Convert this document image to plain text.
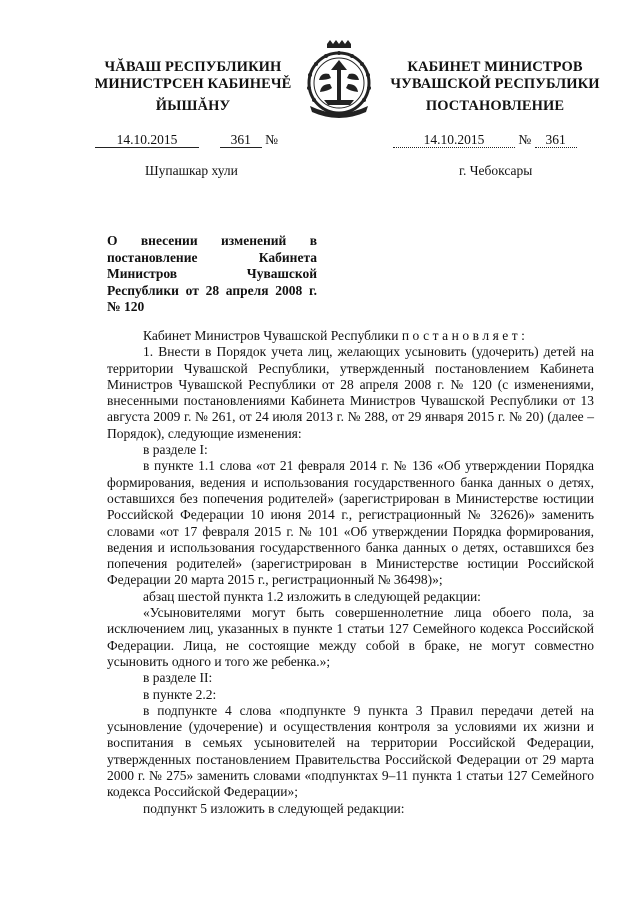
ЧĂВАШ РЕСПУБЛИКИН
МИНИСТРСЕН КАБИНЕЧĚ
ЙЫШĂНУ
КАБИНЕТ МИНИСТРОВ
ЧУВАШСКОЙ РЕСПУБЛИКИ
ПОСТАНОВЛЕНИЕ
14.10.2015	361 №	14.10.2015	№ 361
Шупашкар хули	г. Чебоксары
О внесении изменений в постановление Кабинета Министров Чувашской Республики от 28 апреля 2008 г. № 120

Кабинет Министров Чувашской Республики постановляет:

1. Внести в Порядок учета лиц, желающих усыновить (удочерить) детей на территории Чувашской Республики, утвержденный постановлением Кабинета Министров Чувашской Республики от 28 апреля 2008 г. № 120 (с изменениями, внесенными постановлениями Кабинета Министров Чувашской Республики от 13 августа 2009 г. № 261, от 24 июля 2013 г. № 288, от 29 января 2015 г. № 20) (далее – Порядок), следующие изменения:

в разделе I:

в пункте 1.1 слова «от 21 февраля 2014 г. № 136 «Об утверждении Порядка формирования, ведения и использования государственного банка данных о детях, оставшихся без попечения родителей» (зарегистрирован в Министерстве юстиции Российской Федерации 10 июня 2014 г., регистрационный № 32626)» заменить словами «от 17 февраля 2015 г. № 101 «Об утверждении Порядка формирования, ведения и использования государственного банка данных о детях, оставшихся без попечения родителей» (зарегистрирован в Министерстве юстиции Российской Федерации 20 марта 2015 г., регистрационный № 36498)»;

абзац шестой пункта 1.2 изложить в следующей редакции:

«Усыновителями могут быть совершеннолетние лица обоего пола, за исключением лиц, указанных в пункте 1 статьи 127 Семейного кодекса Российской Федерации. Лица, не состоящие между собой в браке, не могут совместно усыновить одного и того же ребенка.»;

в разделе II:

в пункте 2.2:

в подпункте 4 слова «подпункте 9 пункта 3 Правил передачи детей на усыновление (удочерение) и осуществления контроля за условиями их жизни и воспитания в семьях усыновителей на территории Российской Федерации, утвержденных постановлением Правительства Российской Федерации от 29 марта 2000 г. № 275» заменить словами «подпунктах 9–11 пункта 1 статьи 127 Семейного кодекса Российской Федерации»;

подпункт 5 изложить в следующей редакции:
